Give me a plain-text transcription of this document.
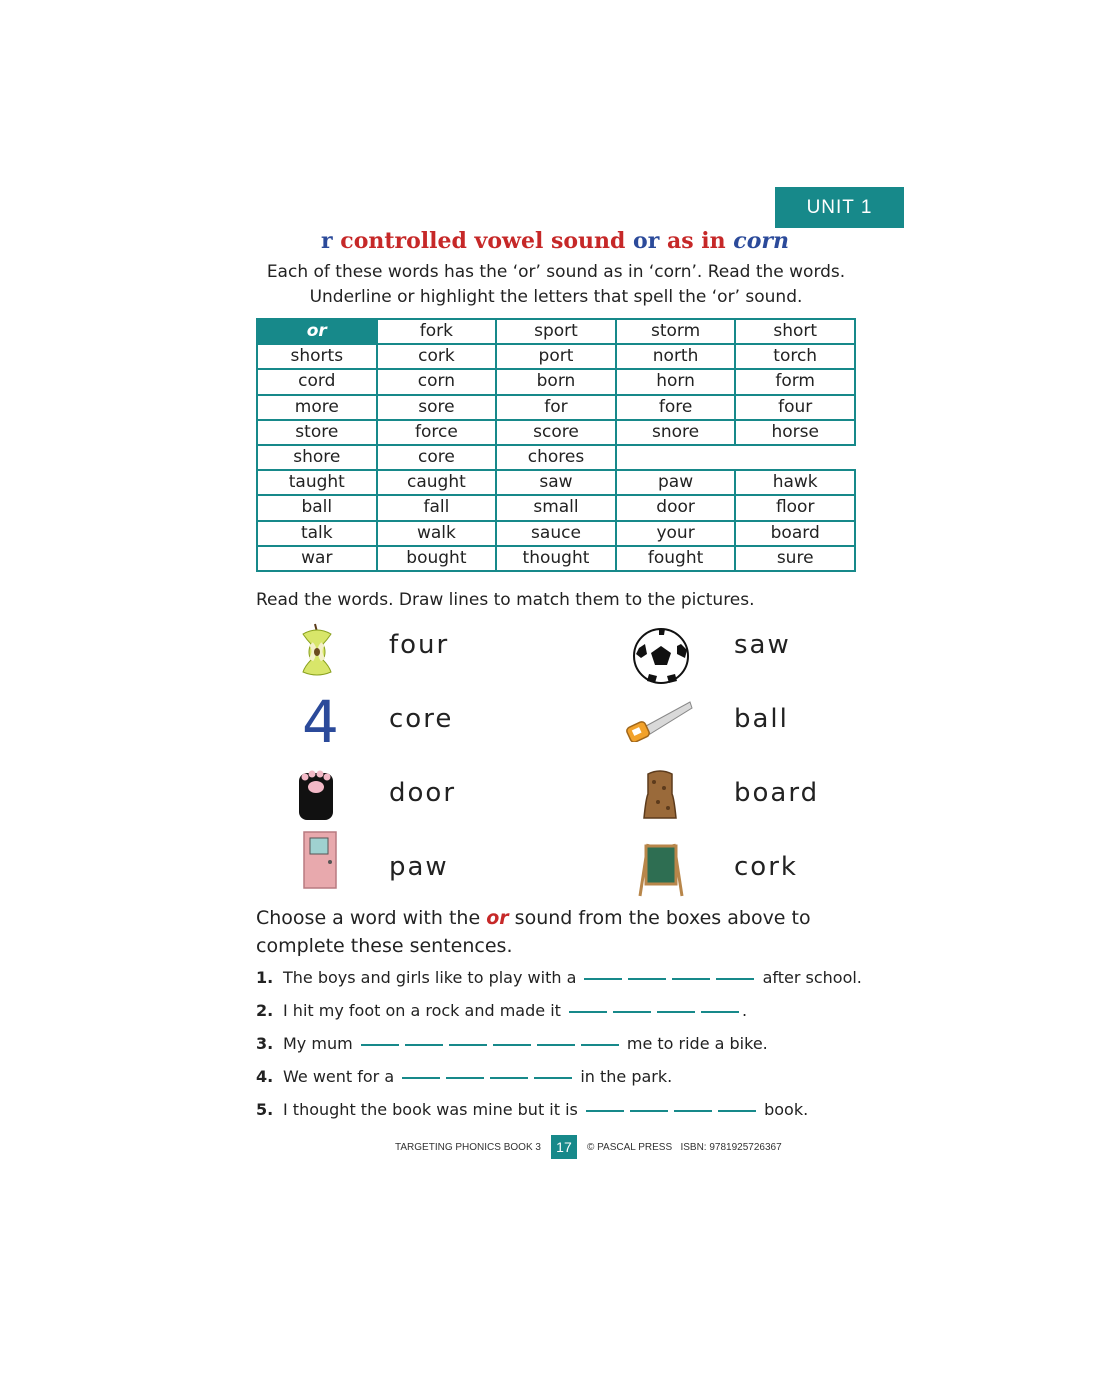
UNIT 1
r controlled vowel sound or as in corn
Each of these words has the ‘or’ sound as in ‘corn’. Read the words.
Underline or highlight the letters that spell the ‘or’ sound.
or	fork	sport	storm	short
shorts	cork	port	north	torch
cord	corn	born	horn	form
more	sore	for	fore	four
store	force	score	snore	horse
shore	core	chores		
taught	caught	saw	paw	hawk
ball	fall	small	door	floor
talk	walk	sauce	your	board
war	bought	thought	fought	sure
Read the words. Draw lines to match them to the pictures.
4
four
core
door
paw
saw
ball
board
cork
Choose a word with the or sound from the boxes above to complete these sentences.
1. The boys and girls like to play with a	after school.
2. I hit my foot on a rock and made it	.
3. My mum	me to ride a bike.
4. We went for a	in the park.
5. I thought the book was mine but it is	book.
TARGETING PHONICS BOOK 3	17	© PASCAL PRESS   ISBN: 9781925726367
